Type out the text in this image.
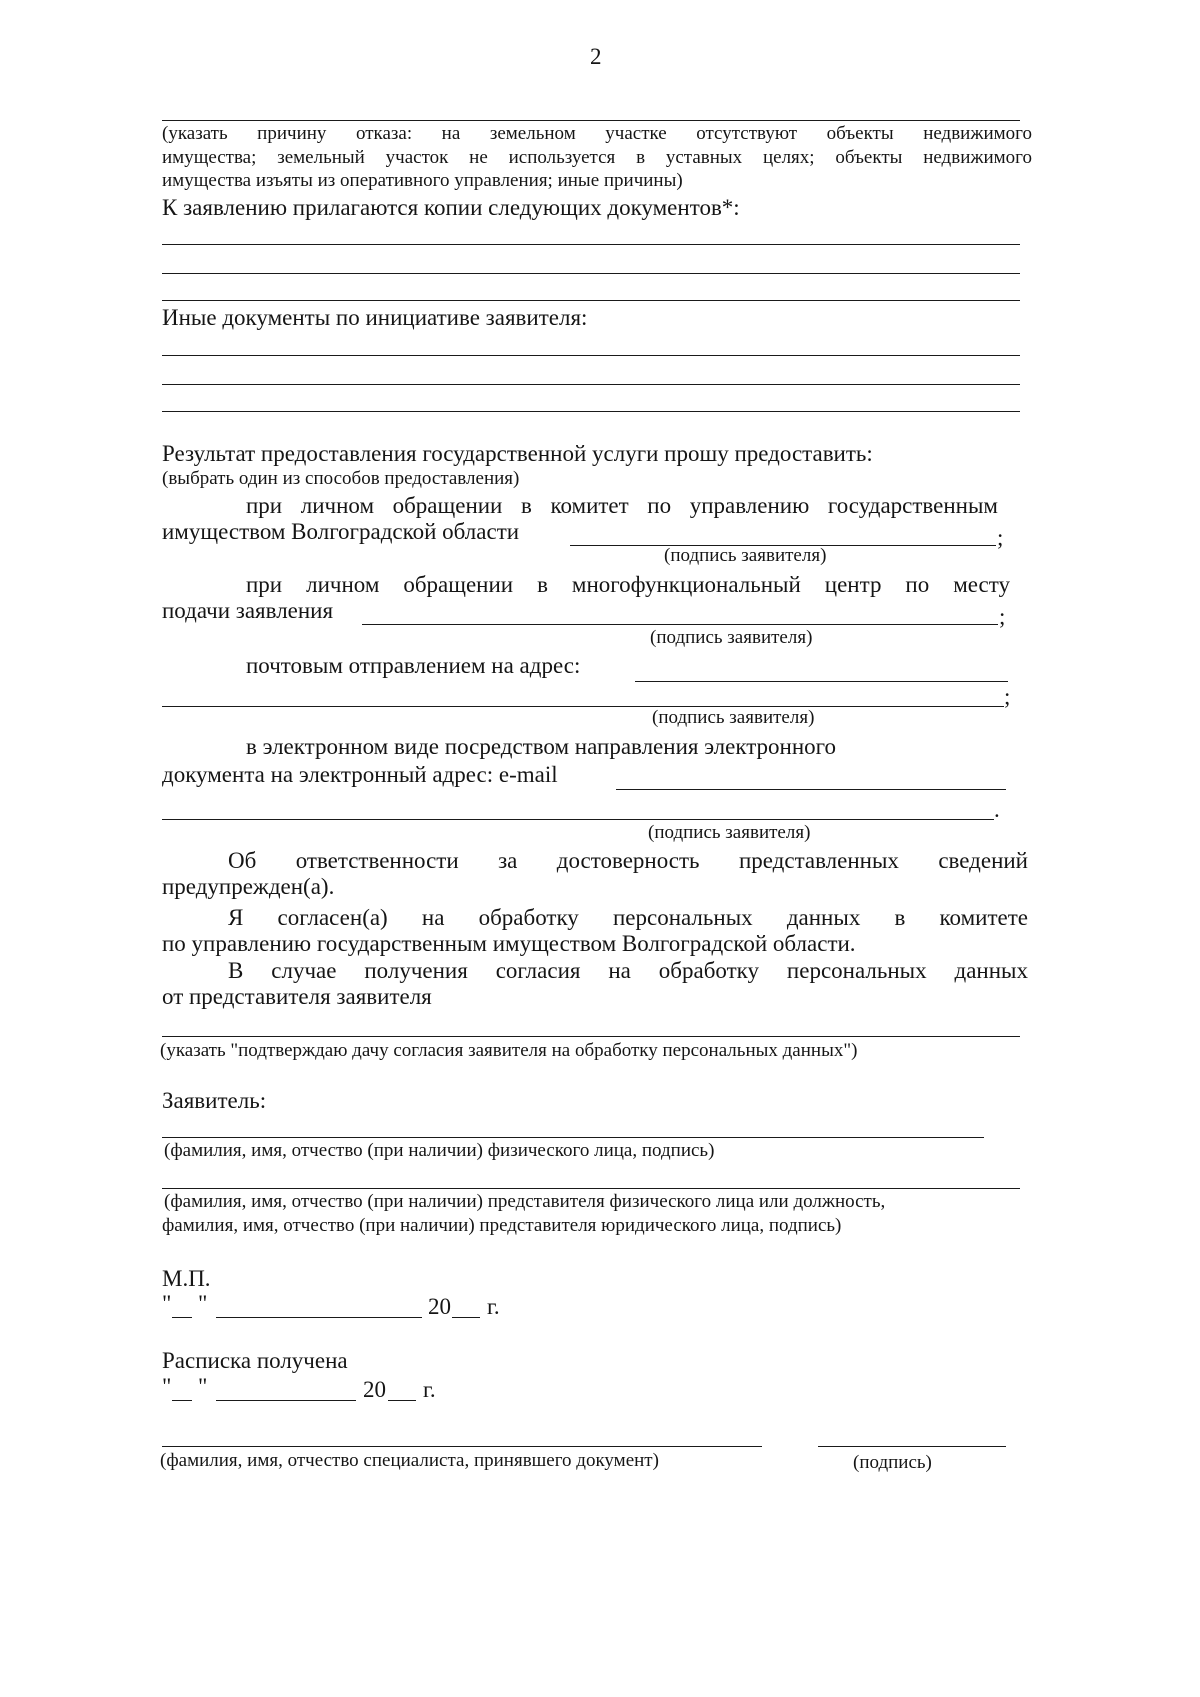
2
(указать причину отказа: на земельном участке отсутствуют объекты недвижимого
имущества; земельный участок не используется в уставных целях; объекты недвижимого
имущества изъяты из оперативного управления; иные причины)
К заявлению прилагаются копии следующих документов*:
Иные документы по инициативе заявителя:
Результат предоставления государственной услуги прошу предоставить:
(выбрать один из способов предоставления)
при личном обращении в комитет по управлению государственным
имуществом Волгоградской области	;
(подпись заявителя)
при личном обращении в многофункциональный центр по месту
подачи заявления	;
(подпись заявителя)
почтовым отправлением на адрес:
;
(подпись заявителя)
в электронном виде посредством направления электронного
документа на электронный адрес: e-mail
.
(подпись заявителя)
Об ответственности за достоверность представленных сведений
предупрежден(а).
Я согласен(а) на обработку персональных данных в комитете
по управлению государственным имуществом Волгоградской области.
В случае получения согласия на обработку персональных данных
от представителя заявителя
(указать "подтверждаю дачу согласия заявителя на обработку персональных данных")
Заявитель:
(фамилия, имя, отчество (при наличии) физического лица, подпись)
(фамилия, имя, отчество (при наличии) представителя физического лица или должность,
фамилия, имя, отчество (при наличии) представителя юридического лица, подпись)
М.П.
" "	20 г.
Расписка получена
" "	20 г.
(фамилия, имя, отчество специалиста, принявшего документ)	(подпись)
